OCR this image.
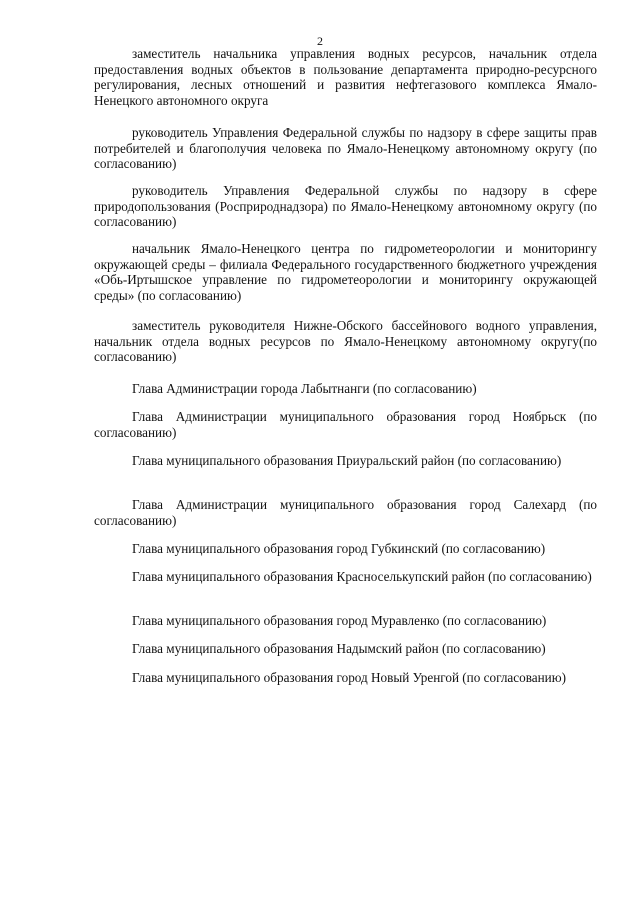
2

заместитель начальника управления водных ресурсов, начальник отдела предоставления водных объектов в пользование департамента природно-ресурсного регулирования, лесных отношений и развития нефтегазового комплекса Ямало-Ненецкого автономного округа

руководитель Управления Федеральной службы по надзору в сфере защиты прав потребителей и благополучия человека по Ямало-Ненецкому автономному округу (по согласованию)

руководитель Управления Федеральной службы по надзору в сфере природопользования (Росприроднадзора) по Ямало-Ненецкому автономному округу (по согласованию)

начальник Ямало-Ненецкого центра по гидрометеорологии и мониторингу окружающей среды – филиала Федерального государственного бюджетного учреждения «Обь-Иртышское управление по гидрометеорологии и мониторингу окружающей среды» (по согласованию)

заместитель руководителя Нижне-Обского бассейнового водного управления, начальник отдела водных ресурсов по Ямало-Ненецкому автономному округу(по согласованию)

Глава Администрации города Лабытнанги (по согласованию)

Глава Администрации муниципального образования город Ноябрьск (по согласованию)

Глава муниципального образования Приуральский район (по согласованию)

Глава Администрации муниципального образования город Салехард (по согласованию)

Глава муниципального образования город Губкинский (по согласованию)

Глава муниципального образования Красноселькупский район (по согласованию)

Глава муниципального образования город Муравленко (по согласованию)

Глава муниципального образования Надымский район (по согласованию)

Глава муниципального образования город Новый Уренгой (по согласованию)
